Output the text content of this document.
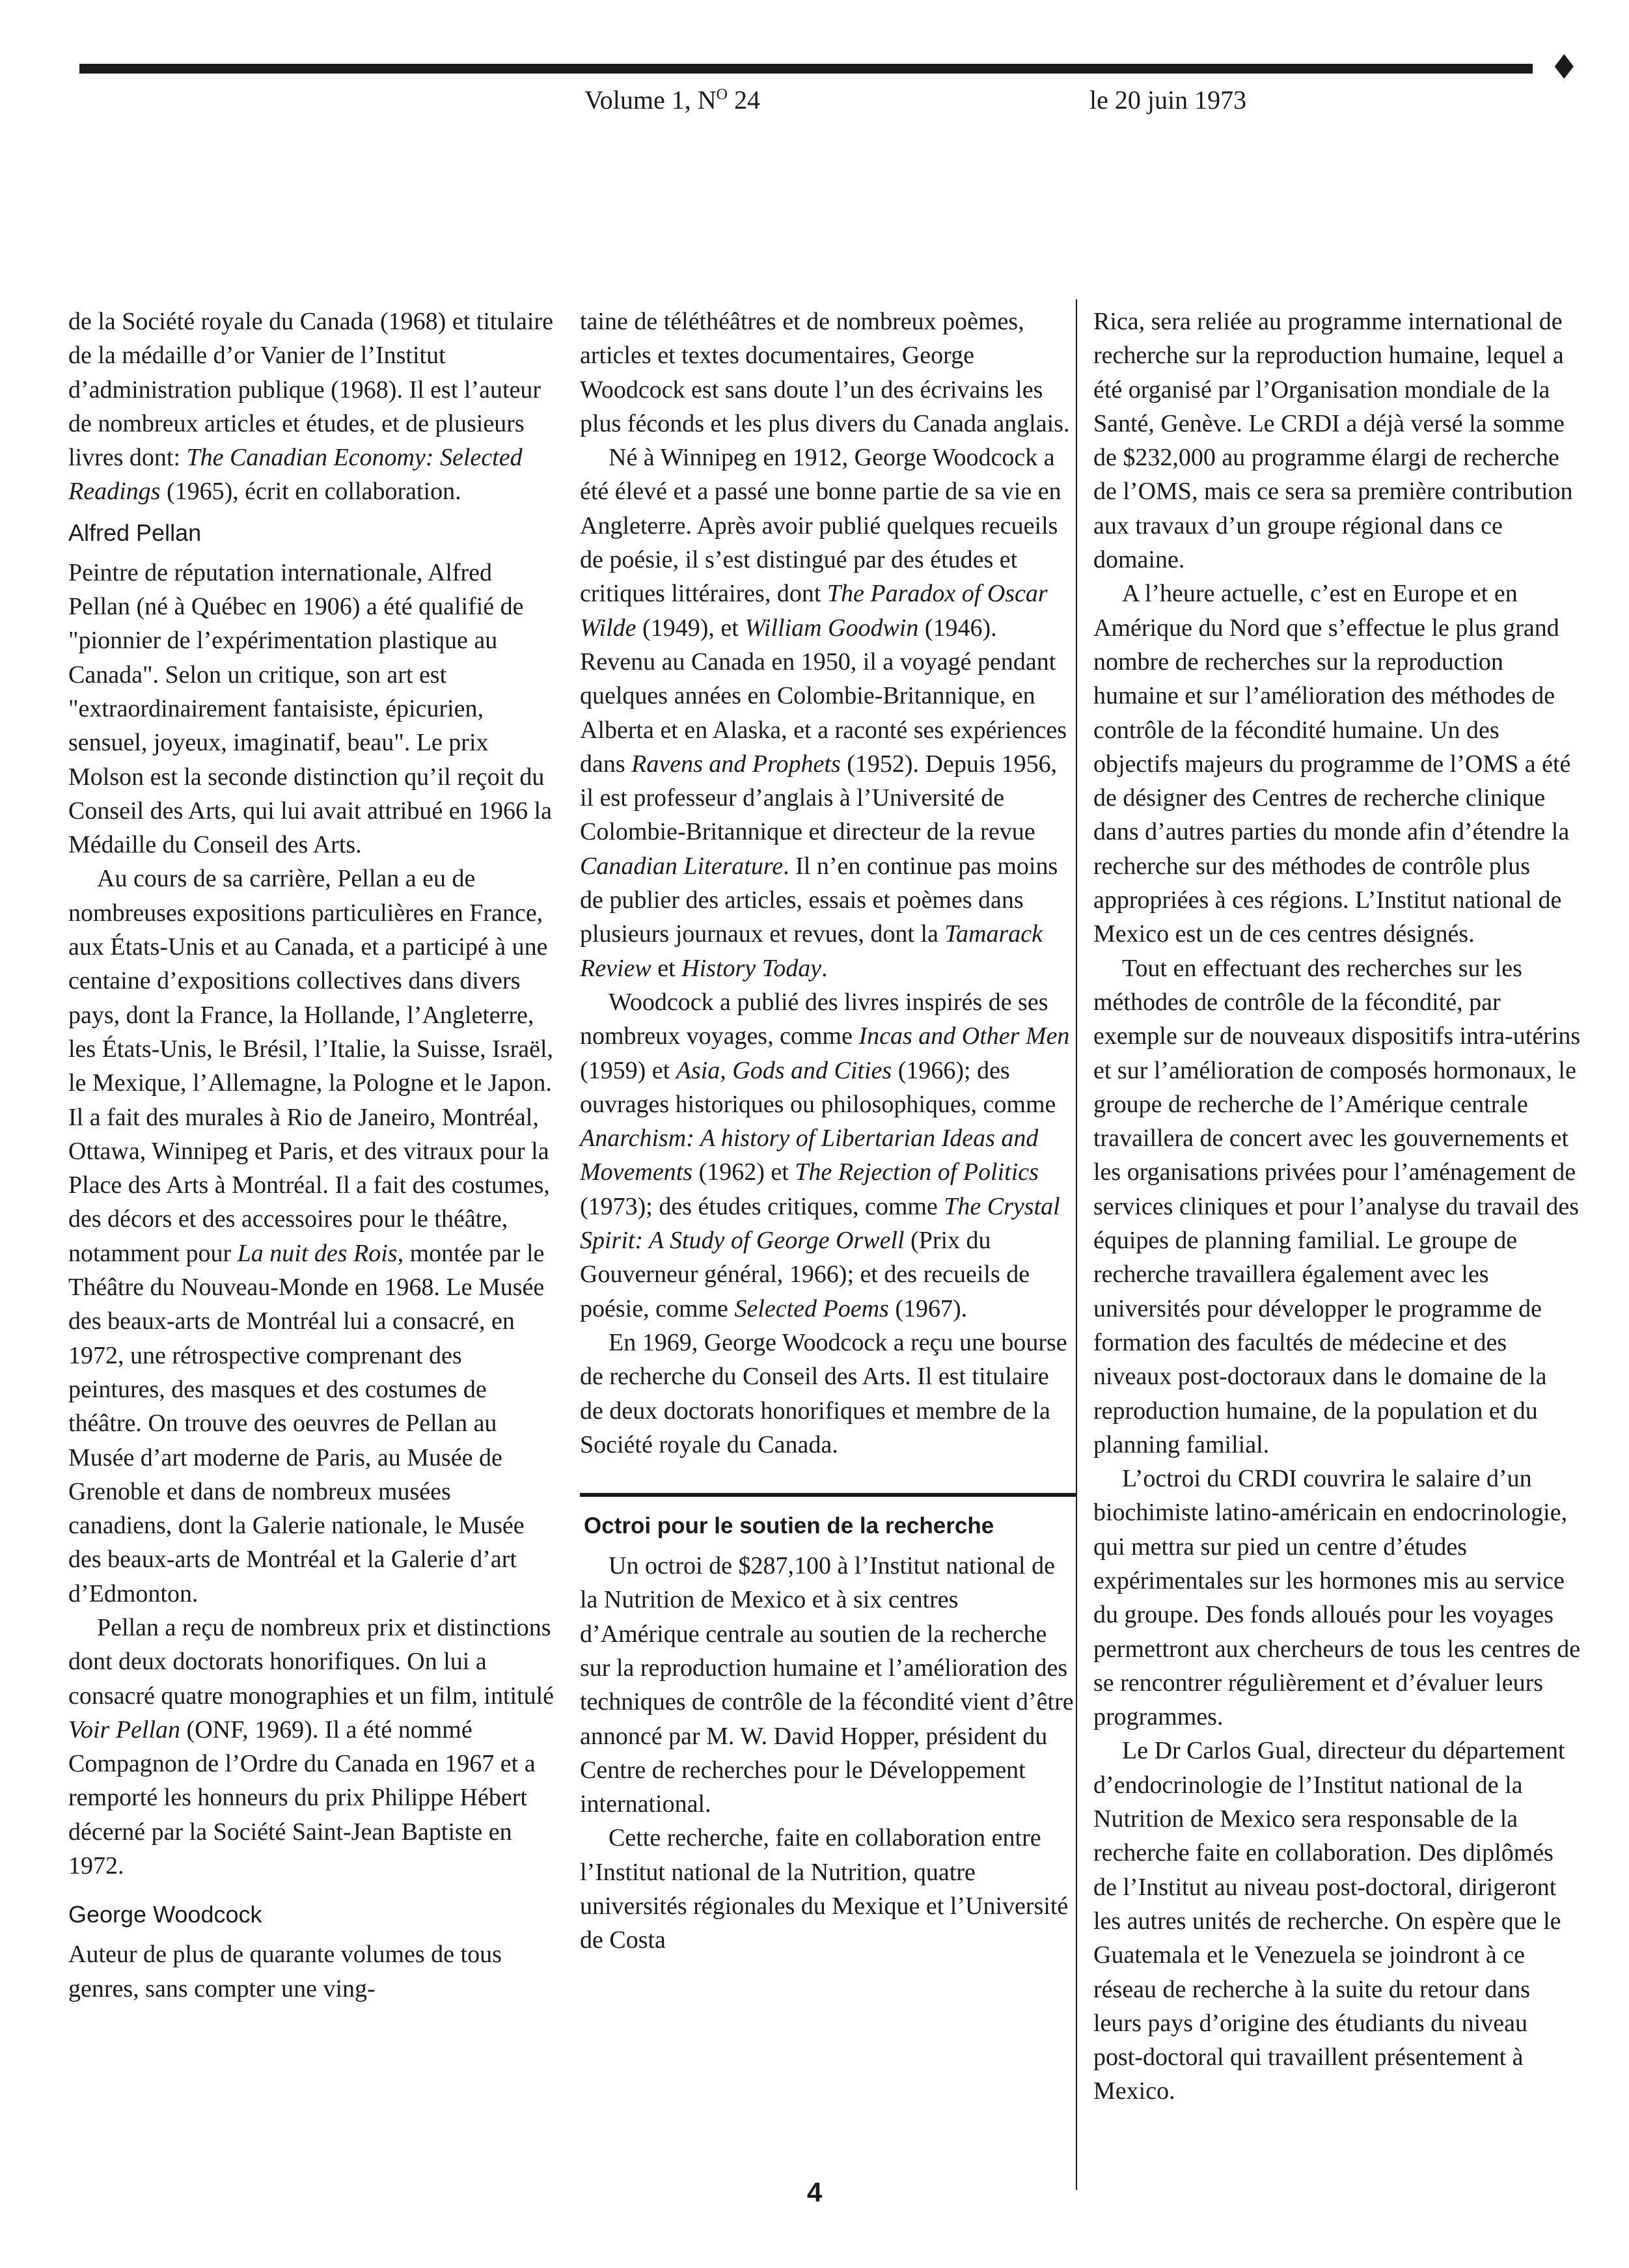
♦
Volume 1, $N^O$ 24	le 20 juin 1973

de la Société royale du Canada (1968) et titulaire de la médaille d’or Vanier de l’Institut d’administration publique (1968). Il est l’auteur de nombreux articles et études, et de plusieurs livres dont: The Canadian Economy: Selected Readings (1965), écrit en collaboration.

Alfred Pellan

Peintre de réputation internationale, Alfred Pellan (né à Québec en 1906) a été qualifié de "pionnier de l’expérimentation plastique au Canada". Selon un critique, son art est "extraordinairement fantaisiste, épicurien, sensuel, joyeux, imaginatif, beau". Le prix Molson est la seconde distinction qu’il reçoit du Conseil des Arts, qui lui avait attribué en 1966 la Médaille du Conseil des Arts.

Au cours de sa carrière, Pellan a eu de nombreuses expositions particulières en France, aux États-Unis et au Canada, et a participé à une centaine d’expositions collectives dans divers pays, dont la France, la Hollande, l’Angleterre, les États-Unis, le Brésil, l’Italie, la Suisse, Israël, le Mexique, l’Allemagne, la Pologne et le Japon. Il a fait des murales à Rio de Janeiro, Montréal, Ottawa, Winnipeg et Paris, et des vitraux pour la Place des Arts à Montréal. Il a fait des costumes, des décors et des accessoires pour le théâtre, notamment pour La nuit des Rois, montée par le Théâtre du Nouveau-Monde en 1968. Le Musée des beaux-arts de Montréal lui a consacré, en 1972, une rétrospective comprenant des peintures, des masques et des costumes de théâtre. On trouve des oeuvres de Pellan au Musée d’art moderne de Paris, au Musée de Grenoble et dans de nombreux musées canadiens, dont la Galerie nationale, le Musée des beaux-arts de Montréal et la Galerie d’art d’Edmonton.

Pellan a reçu de nombreux prix et distinctions dont deux doctorats honorifiques. On lui a consacré quatre monographies et un film, intitulé Voir Pellan (ONF, 1969). Il a été nommé Compagnon de l’Ordre du Canada en 1967 et a remporté les honneurs du prix Philippe Hébert décerné par la Société Saint-Jean Baptiste en 1972.

George Woodcock

Auteur de plus de quarante volumes de tous genres, sans compter une ving-

taine de téléthéâtres et de nombreux poèmes, articles et textes documentaires, George Woodcock est sans doute l’un des écrivains les plus féconds et les plus divers du Canada anglais.

Né à Winnipeg en 1912, George Woodcock a été élevé et a passé une bonne partie de sa vie en Angleterre. Après avoir publié quelques recueils de poésie, il s’est distingué par des études et critiques littéraires, dont The Paradox of Oscar Wilde (1949), et William Goodwin (1946). Revenu au Canada en 1950, il a voyagé pendant quelques années en Colombie-Britannique, en Alberta et en Alaska, et a raconté ses expériences dans Ravens and Prophets (1952). Depuis 1956, il est professeur d’anglais à l’Université de Colombie-Britannique et directeur de la revue Canadian Literature. Il n’en continue pas moins de publier des articles, essais et poèmes dans plusieurs journaux et revues, dont la Tamarack Review et History Today.

Woodcock a publié des livres inspirés de ses nombreux voyages, comme Incas and Other Men (1959) et Asia, Gods and Cities (1966); des ouvrages historiques ou philosophiques, comme Anarchism: A history of Libertarian Ideas and Movements (1962) et The Rejection of Politics (1973); des études critiques, comme The Crystal Spirit: A Study of George Orwell (Prix du Gouverneur général, 1966); et des recueils de poésie, comme Selected Poems (1967).

En 1969, George Woodcock a reçu une bourse de recherche du Conseil des Arts. Il est titulaire de deux doctorats honorifiques et membre de la Société royale du Canada.

Octroi pour le soutien de la recherche

Un octroi de $287,100 à l’Institut national de la Nutrition de Mexico et à six centres d’Amérique centrale au soutien de la recherche sur la reproduction humaine et l’amélioration des techniques de contrôle de la fécondité vient d’être annoncé par M. W. David Hopper, président du Centre de recherches pour le Développement international.

Cette recherche, faite en collaboration entre l’Institut national de la Nutrition, quatre universités régionales du Mexique et l’Université de Costa

Rica, sera reliée au programme international de recherche sur la reproduction humaine, lequel a été organisé par l’Organisation mondiale de la Santé, Genève. Le CRDI a déjà versé la somme de $232,000 au programme élargi de recherche de l’OMS, mais ce sera sa première contribution aux travaux d’un groupe régional dans ce domaine.

A l’heure actuelle, c’est en Europe et en Amérique du Nord que s’effectue le plus grand nombre de recherches sur la reproduction humaine et sur l’amélioration des méthodes de contrôle de la fécondité humaine. Un des objectifs majeurs du programme de l’OMS a été de désigner des Centres de recherche clinique dans d’autres parties du monde afin d’étendre la recherche sur des méthodes de contrôle plus appropriées à ces régions. L’Institut national de Mexico est un de ces centres désignés.

Tout en effectuant des recherches sur les méthodes de contrôle de la fécondité, par exemple sur de nouveaux dispositifs intra-utérins et sur l’amélioration de composés hormonaux, le groupe de recherche de l’Amérique centrale travaillera de concert avec les gouvernements et les organisations privées pour l’aménagement de services cliniques et pour l’analyse du travail des équipes de planning familial. Le groupe de recherche travaillera également avec les universités pour développer le programme de formation des facultés de médecine et des niveaux post-doctoraux dans le domaine de la reproduction humaine, de la population et du planning familial.

L’octroi du CRDI couvrira le salaire d’un biochimiste latino-américain en endocrinologie, qui mettra sur pied un centre d’études expérimentales sur les hormones mis au service du groupe. Des fonds alloués pour les voyages permettront aux chercheurs de tous les centres de se rencontrer régulièrement et d’évaluer leurs programmes.

Le Dr Carlos Gual, directeur du département d’endocrinologie de l’Institut national de la Nutrition de Mexico sera responsable de la recherche faite en collaboration. Des diplômés de l’Institut au niveau post-doctoral, dirigeront les autres unités de recherche. On espère que le Guatemala et le Venezuela se joindront à ce réseau de recherche à la suite du retour dans leurs pays d’origine des étudiants du niveau post-doctoral qui travaillent présentement à Mexico.

4
